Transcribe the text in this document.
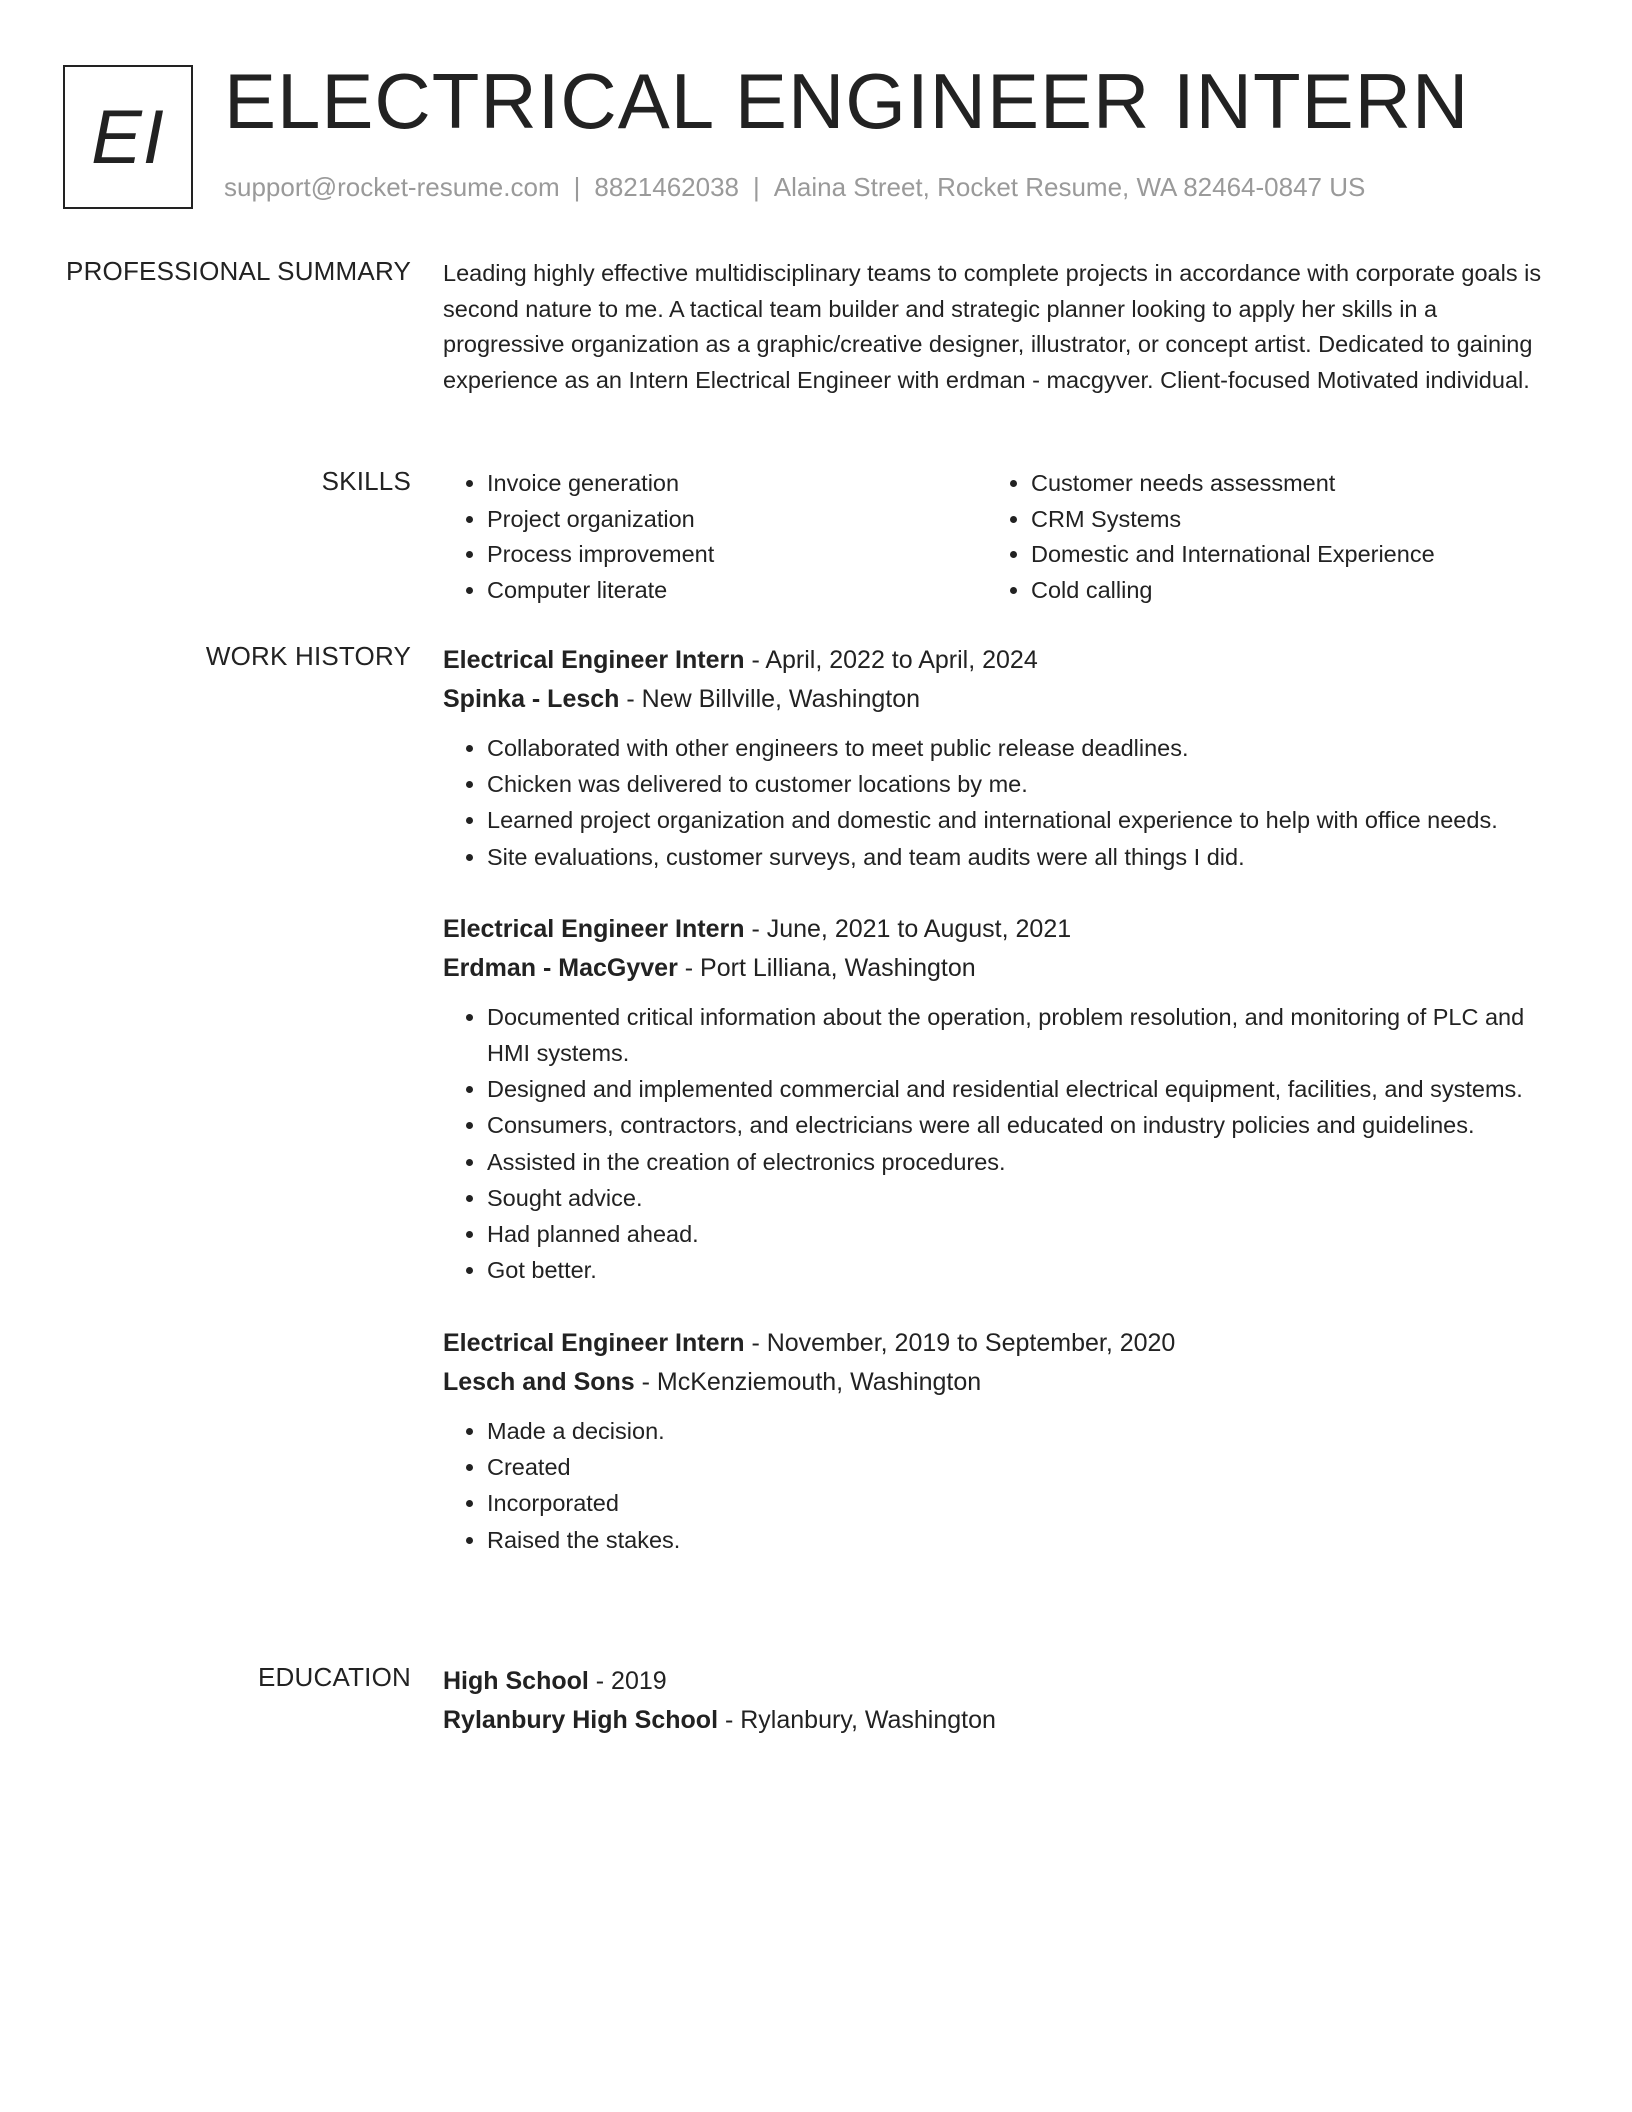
EI ELECTRICAL ENGINEER INTERN
support@rocket-resume.com | 8821462038 | Alaina Street, Rocket Resume, WA 82464-0847 US
PROFESSIONAL SUMMARY Leading highly effective multidisciplinary teams to complete projects in accordance with corporate goals is second nature to me. A tactical team builder and strategic planner looking to apply her skills in a progressive organization as a graphic/creative designer, illustrator, or concept artist. Dedicated to gaining experience as an Intern Electrical Engineer with erdman - macgyver. Client-focused Motivated individual.

SKILLS
•	Invoice generation
• Project organization
• Process improvement
• Computer literate
• Customer needs assessment
• CRM Systems
• Domestic and International Experience
• Cold calling
WORK HISTORY Electrical Engineer Intern - April, 2022 to April, 2024
Spinka - Lesch - New Billville, Washington
• Collaborated with other engineers to meet public release deadlines.
• Chicken was delivered to customer locations by me.
• Learned project organization and domestic and international experience to help with office needs.
• Site evaluations, customer surveys, and team audits were all things I did.
Electrical Engineer Intern - June, 2021 to August, 2021
Erdman - MacGyver - Port Lilliana, Washington
• Documented critical information about the operation, problem resolution, and monitoring of PLC and HMI systems.
• Designed and implemented commercial and residential electrical equipment, facilities, and systems.
• Consumers, contractors, and electricians were all educated on industry policies and guidelines.
• Assisted in the creation of electronics procedures.
• Sought advice.
• Had planned ahead.
• Got better.
Electrical Engineer Intern - November, 2019 to September, 2020
Lesch and Sons - McKenziemouth, Washington
• Made a decision.
• Created
• Incorporated
• Raised the stakes.
EDUCATION High School - 2019
Rylanbury High School - Rylanbury, Washington
